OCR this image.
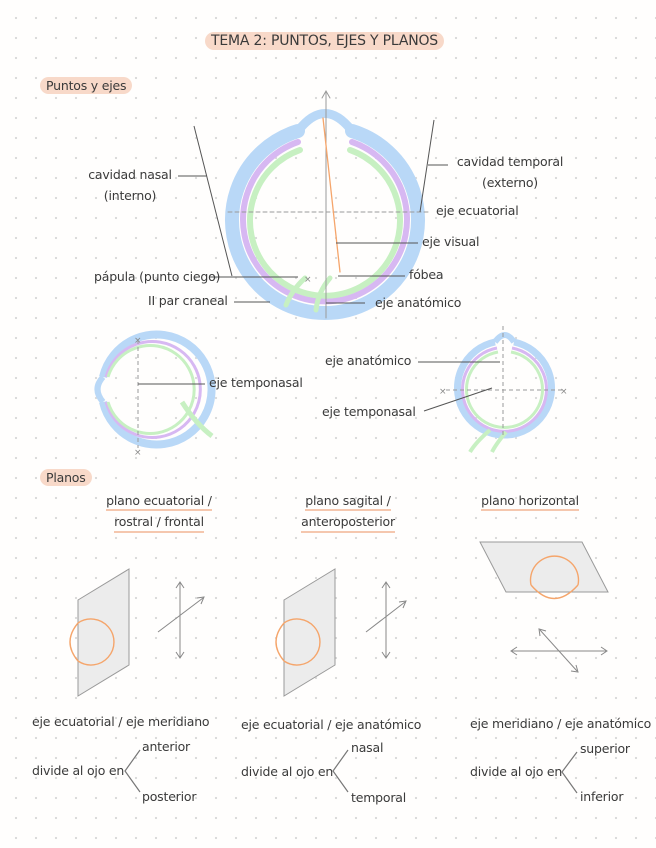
TEMA 2: PUNTOS, EJES Y PLANOS
Puntos y ejes
Planos
×
×
×
×	×
cavidad nasal
(interno)
cavidad temporal
(externo)
eje ecuatorial
eje visual
fóbea
pápula (punto ciego)
II par craneal	eje anatómico
eje temponasal
eje anatómico
eje temponasal
plano ecuatorial /
rostral / frontal
plano sagital /
anteroposterior
plano horizontal
eje ecuatorial / eje meridiano
divide al ojo en
anterior
posterior
eje ecuatorial / eje anatómico
divide al ojo en
nasal
temporal
eje meridiano / eje anatómico
divide al ojo en
superior
inferior
